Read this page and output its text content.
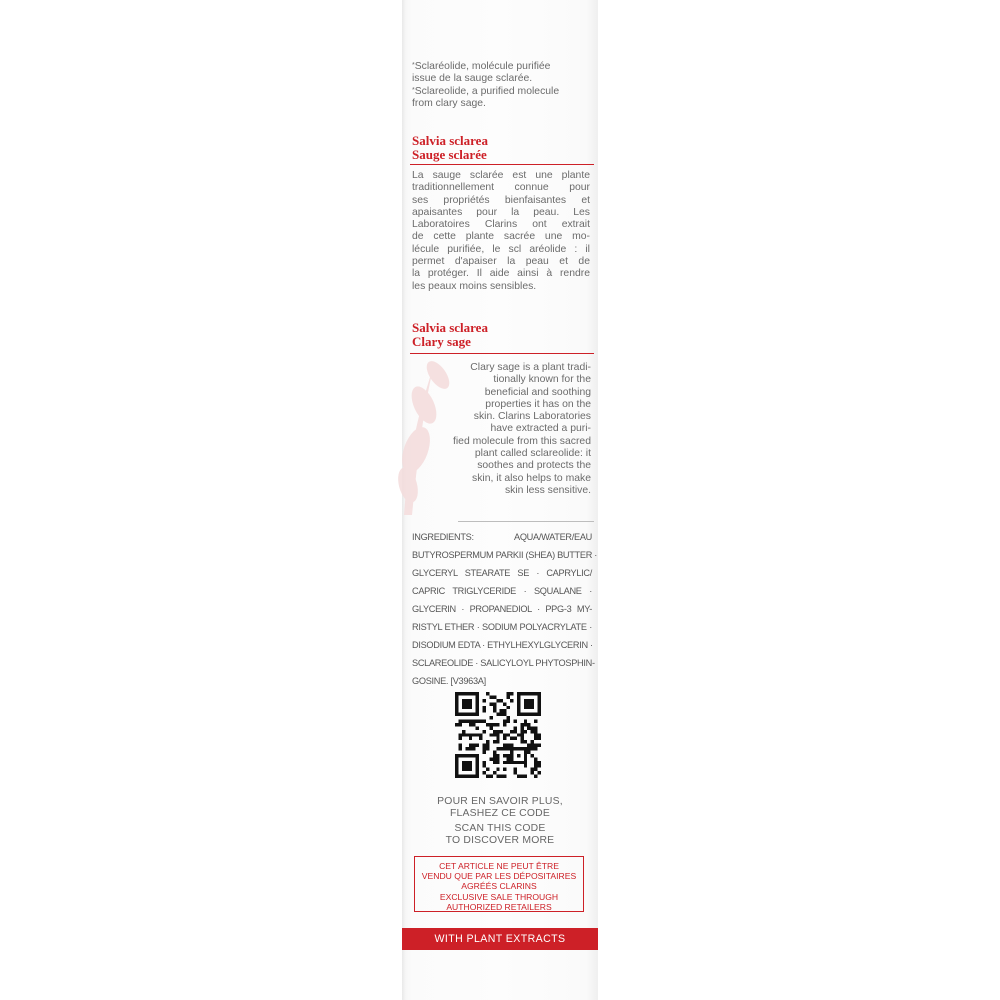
*Sclaréolide, molécule purifiée
issue de la sauge sclarée.
*Sclareolide, a purified molecule
from clary sage.
Salvia sclarea
Sauge sclarée
La sauge sclarée est une plante
traditionnellement connue pour
ses propriétés bienfaisantes et
apaisantes pour la peau. Les
Laboratoires Clarins ont extrait
de cette plante sacrée une mo-
lécule purifiée, le scl aréolide : il
permet d'apaiser la peau et de
la protéger. Il aide ainsi à rendre
les peaux moins sensibles.
Salvia sclarea
Clary sage
Clary sage is a plant tradi-
tionally known for the
beneficial and soothing
properties it has on the
skin. Clarins Laboratories
have extracted a puri-
fied molecule from this sacred
plant called sclareolide: it
soothes and protects the
skin, it also helps to make
skin less sensitive.
INGREDIENTS: AQUA/WATER/EAU
BUTYROSPERMUM PARKII (SHEA) BUTTER ·
GLYCERYL STEARATE SE · CAPRYLIC/
CAPRIC TRIGLYCERIDE · SQUALANE ·
GLYCERIN · PROPANEDIOL · PPG-3 MY-
RISTYL ETHER · SODIUM POLYACRYLATE ·
DISODIUM EDTA · ETHYLHEXYLGLYCERIN ·
SCLAREOLIDE · SALICYLOYL PHYTOSPHIN-
GOSINE. [V3963A]
POUR EN SAVOIR PLUS,
FLASHEZ CE CODE
SCAN THIS CODE
TO DISCOVER MORE
CET ARTICLE NE PEUT ÊTRE
VENDU QUE PAR LES DÉPOSITAIRES
AGRÉÉS CLARINS
EXCLUSIVE SALE THROUGH
AUTHORIZED RETAILERS
WITH PLANT EXTRACTS
